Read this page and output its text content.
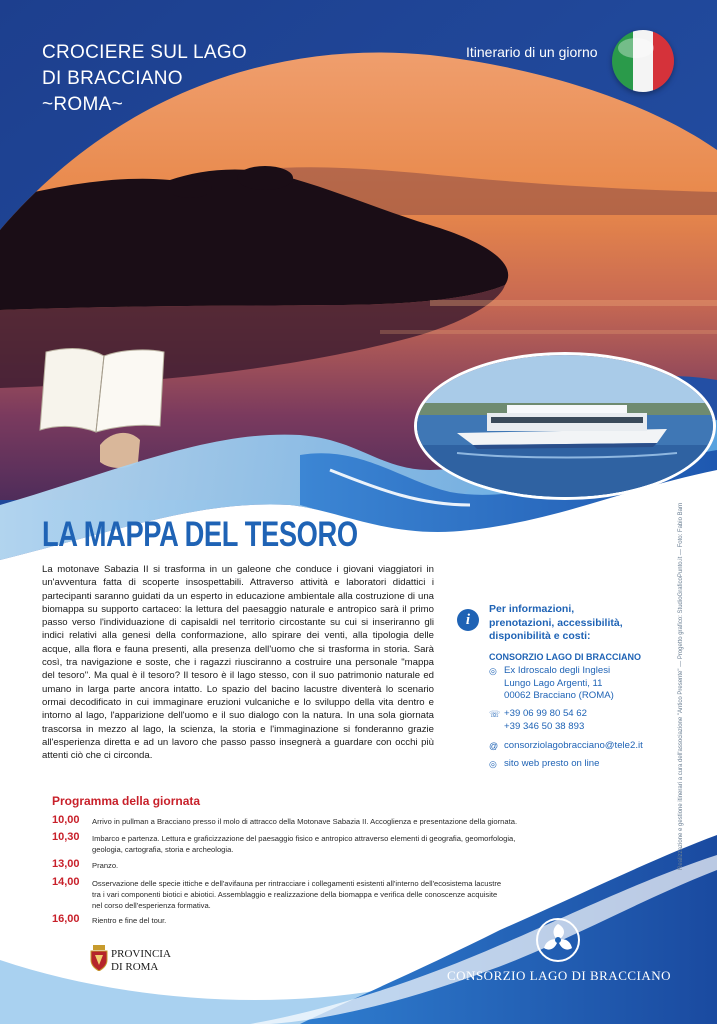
CROCIERE SUL LAGO
DI BRACCIANO
~ROMA~
Itinerario di un giorno
Realizzazione e gestione itinerari a cura dell'associazione "Antico Presente" — Progetto grafico: StudioGraficoPunto.it — Foto: Fabio Barn
LA MAPPA DEL TESORO
La motonave Sabazia II si trasforma in un galeone che conduce i giovani viaggiatori in un'avventura fatta di scoperte insospettabili. Attraverso attività e laboratori didattici i partecipanti saranno guidati da un esperto in educazione ambientale alla costruzione di una biomappa su supporto cartaceo: la lettura del paesaggio naturale e antropico sarà il primo passo verso l'individuazione di capisaldi nel territorio circostante su cui si inseriranno gli indici relativi alla genesi della conformazione, allo spirare dei venti, alla tipologia delle acque, alla flora e fauna presenti, alla presenza dell'uomo che si trasforma in storia. Sarà così, tra navigazione e soste, che i ragazzi riusciranno a costruire una personale "mappa del tesoro". Ma qual è il tesoro? Il tesoro è il lago stesso, con il suo patrimonio naturale ed umano in larga parte ancora intatto. Lo spazio del bacino lacustre diventerà lo scenario ormai decodificato in cui immaginare eruzioni vulcaniche e lo sviluppo della vita dentro e intorno al lago, l'apparizione dell'uomo e il suo dialogo con la natura. In una sola giornata trascorsa in mezzo al lago, la scienza, la storia e l'immaginazione si fonderanno grazie all'esperienza diretta e ad un lavoro che passo passo insegnerà a guardare con occhi più attenti ciò che ci circonda.
i
Per informazioni,
prenotazioni, accessibilità,
disponibilità e costi:
CONSORZIO LAGO DI BRACCIANO
◎ Ex Idroscalo degli Inglesi
Lungo Lago Argenti, 11
00062 Bracciano (ROMA)
☏ +39 06 99 80 54 62
+39 346 50 38 893
@ consorziolagobracciano@tele2.it
◎ sito web presto on line
Programma della giornata
10,00 Arrivo in pullman a Bracciano presso il molo di attracco della Motonave Sabazia II. Accoglienza e presentazione della giornata.
10,30 Imbarco e partenza. Lettura e graficizzazione del paesaggio fisico e antropico attraverso elementi di geografia, geomorfologia,
geologia, cartografia, storia e archeologia.
13,00 Pranzo.
14,00 Osservazione delle specie ittiche e dell'avifauna per rintracciare i collegamenti esistenti all'interno dell'ecosistema lacustre
tra i vari componenti biotici e abiotici. Assemblaggio e realizzazione della biomappa e verifica delle conoscenze acquisite
nel corso dell'esperienza formativa.
16,00 Rientro e fine del tour.
PROVINCIA
DI ROMA
CONSORZIO LAGO DI BRACCIANO
